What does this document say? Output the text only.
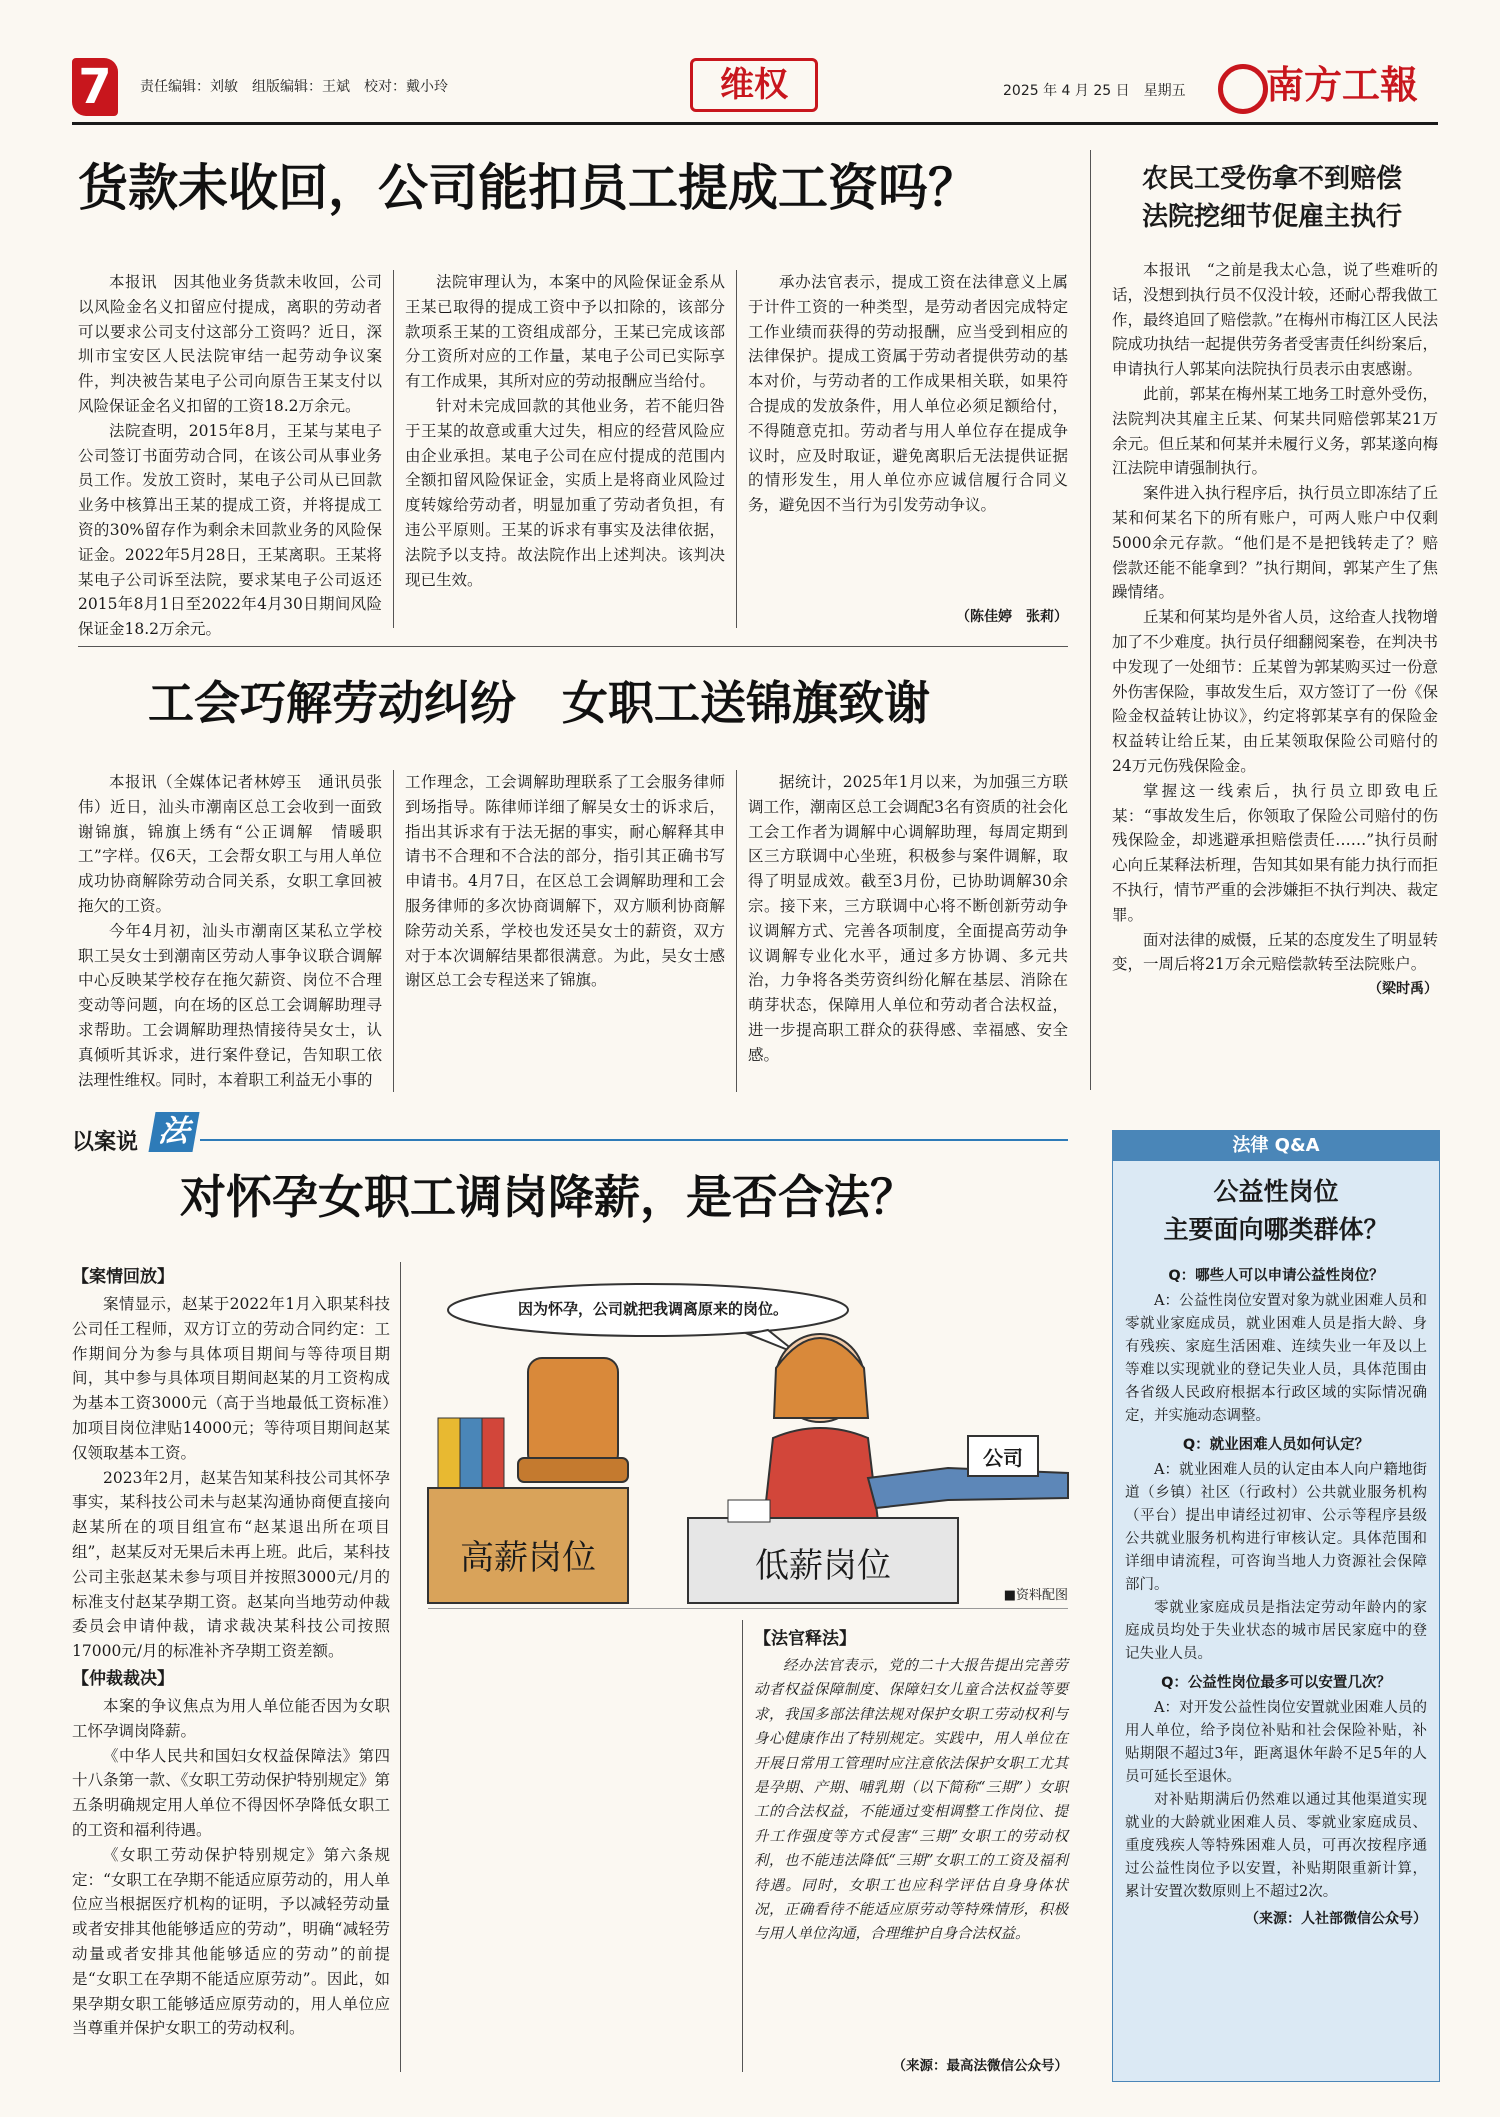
7	责任编辑：刘敏　组版编辑：王斌　校对：戴小玲	维权	2025 年 4 月 25 日　星期五 南方工報
货款未收回，公司能扣员工提成工资吗？

本报讯　因其他业务货款未收回，公司以风险金名义扣留应付提成，离职的劳动者可以要求公司支付这部分工资吗？近日，深圳市宝安区人民法院审结一起劳动争议案件，判决被告某电子公司向原告王某支付以风险保证金名义扣留的工资18.2万余元。

法院查明，2015年8月，王某与某电子公司签订书面劳动合同，在该公司从事业务员工作。发放工资时，某电子公司从已回款业务中核算出王某的提成工资，并将提成工资的30%留存作为剩余未回款业务的风险保证金。2022年5月28日，王某离职。王某将某电子公司诉至法院，要求某电子公司返还2015年8月1日至2022年4月30日期间风险保证金18.2万余元。

法院审理认为，本案中的风险保证金系从王某已取得的提成工资中予以扣除的，该部分款项系王某的工资组成部分，王某已完成该部分工资所对应的工作量，某电子公司已实际享有工作成果，其所对应的劳动报酬应当给付。

针对未完成回款的其他业务，若不能归咎于王某的故意或重大过失，相应的经营风险应由企业承担。某电子公司在应付提成的范围内全额扣留风险保证金，实质上是将商业风险过度转嫁给劳动者，明显加重了劳动者负担，有违公平原则。王某的诉求有事实及法律依据，法院予以支持。故法院作出上述判决。该判决现已生效。

承办法官表示，提成工资在法律意义上属于计件工资的一种类型，是劳动者因完成特定工作业绩而获得的劳动报酬，应当受到相应的法律保护。提成工资属于劳动者提供劳动的基本对价，与劳动者的工作成果相关联，如果符合提成的发放条件，用人单位必须足额给付，不得随意克扣。劳动者与用人单位存在提成争议时，应及时取证，避免离职后无法提供证据的情形发生，用人单位亦应诚信履行合同义务，避免因不当行为引发劳动争议。

（陈佳婷　张莉）
工会巧解劳动纠纷　女职工送锦旗致谢

本报讯（全媒体记者林婷玉　通讯员张伟）近日，汕头市潮南区总工会收到一面致谢锦旗，锦旗上绣有“公正调解　情暖职工”字样。仅6天，工会帮女职工与用人单位成功协商解除劳动合同关系，女职工拿回被拖欠的工资。

今年4月初，汕头市潮南区某私立学校职工吴女士到潮南区劳动人事争议联合调解中心反映某学校存在拖欠薪资、岗位不合理变动等问题，向在场的区总工会调解助理寻求帮助。工会调解助理热情接待吴女士，认真倾听其诉求，进行案件登记，告知职工依法理性维权。同时，本着职工利益无小事的

据统计，2025年1月以来，为加强三方联调工作，潮南区总工会调配3名有资质的社会化工会工作者为调解中心调解助理，每周定期到区三方联调中心坐班，积极参与案件调解，取得了明显成效。截至3月份，已协助调解30余宗。接下来，三方联调中心将不断创新劳动争议调解方式、完善各项制度，全面提高劳动争议调解专业化水平，通过多方协调、多元共治，力争将各类劳资纠纷化解在基层、消除在萌芽状态，保障用人单位和劳动者合法权益，进一步提高职工群众的获得感、幸福感、安全感。

工作理念，工会调解助理联系了工会服务律师到场指导。陈律师详细了解吴女士的诉求后，指出其诉求有于法无据的事实，耐心解释其申请书不合理和不合法的部分，指引其正确书写申请书。4月7日，在区总工会调解助理和工会服务律师的多次协商调解下，双方顺利协商解除劳动关系，学校也发还吴女士的薪资，双方对于本次调解结果都很满意。为此，吴女士感谢区总工会专程送来了锦旗。
农民工受伤拿不到赔偿
法院挖细节促雇主执行

本报讯　“之前是我太心急，说了些难听的话，没想到执行员不仅没计较，还耐心帮我做工作，最终追回了赔偿款。”在梅州市梅江区人民法院成功执结一起提供劳务者受害责任纠纷案后，申请执行人郭某向法院执行员表示由衷感谢。

此前，郭某在梅州某工地务工时意外受伤，法院判决其雇主丘某、何某共同赔偿郭某21万余元。但丘某和何某并未履行义务，郭某遂向梅江法院申请强制执行。

案件进入执行程序后，执行员立即冻结了丘某和何某名下的所有账户，可两人账户中仅剩5000余元存款。“他们是不是把钱转走了？赔偿款还能不能拿到？”执行期间，郭某产生了焦躁情绪。

丘某和何某均是外省人员，这给查人找物增加了不少难度。执行员仔细翻阅案卷，在判决书中发现了一处细节：丘某曾为郭某购买过一份意外伤害保险，事故发生后，双方签订了一份《保险金权益转让协议》，约定将郭某享有的保险金权益转让给丘某，由丘某领取保险公司赔付的24万元伤残保险金。

掌握这一线索后，执行员立即致电丘某：“事故发生后，你领取了保险公司赔付的伤残保险金，却逃避承担赔偿责任……”执行员耐心向丘某释法析理，告知其如果有能力执行而拒不执行，情节严重的会涉嫌拒不执行判决、裁定罪。

面对法律的威慑，丘某的态度发生了明显转变，一周后将21万余元赔偿款转至法院账户。

（梁时禹）
以案说 法
对怀孕女职工调岗降薪，是否合法？
【案情回放】

案情显示，赵某于2022年1月入职某科技公司任工程师，双方订立的劳动合同约定：工作期间分为参与具体项目期间与等待项目期间，其中参与具体项目期间赵某的月工资构成为基本工资3000元（高于当地最低工资标准）加项目岗位津贴14000元；等待项目期间赵某仅领取基本工资。

2023年2月，赵某告知某科技公司其怀孕事实，某科技公司未与赵某沟通协商便直接向赵某所在的项目组宣布“赵某退出所在项目组”，赵某反对无果后未再上班。此后，某科技公司主张赵某未参与项目并按照3000元/月的标准支付赵某孕期工资。赵某向当地劳动仲裁委员会申请仲裁，请求裁决某科技公司按照17000元/月的标准补齐孕期工资差额。

【仲裁裁决】

本案的争议焦点为用人单位能否因为女职工怀孕调岗降薪。

《中华人民共和国妇女权益保障法》第四十八条第一款、《女职工劳动保护特别规定》第五条明确规定用人单位不得因怀孕降低女职工的工资和福利待遇。

《女职工劳动保护特别规定》第六条规定：“女职工在孕期不能适应原劳动的，用人单位应当根据医疗机构的证明，予以减轻劳动量或者安排其他能够适应的劳动”，明确“减轻劳动量或者安排其他能够适应的劳动”的前提是“女职工在孕期不能适应原劳动”。因此，如果孕期女职工能够适应原劳动的，用人单位应当尊重并保护女职工的劳动权利。

因为怀孕，公司就把我调离原来的岗位。
高薪岗位	低薪岗位
公司
■资料配图
【法官释法】

经办法官表示，党的二十大报告提出完善劳动者权益保障制度、保障妇女儿童合法权益等要求，我国多部法律法规对保护女职工劳动权利与身心健康作出了特别规定。实践中，用人单位在开展日常用工管理时应注意依法保护女职工尤其是孕期、产期、哺乳期（以下简称“三期”）女职工的合法权益，不能通过变相调整工作岗位、提升工作强度等方式侵害“三期”女职工的劳动权利，也不能违法降低“三期”女职工的工资及福利待遇。同时，女职工也应科学评估自身身体状况，正确看待不能适应原劳动等特殊情形，积极与用人单位沟通，合理维护自身合法权益。

（来源：最高法微信公众号）
法律 Q&A
公益性岗位
主要面向哪类群体？
Q：哪些人可以申请公益性岗位？

A：公益性岗位安置对象为就业困难人员和零就业家庭成员，就业困难人员是指大龄、身有残疾、家庭生活困难、连续失业一年及以上等难以实现就业的登记失业人员，具体范围由各省级人民政府根据本行政区域的实际情况确定，并实施动态调整。

Q：就业困难人员如何认定？

A：就业困难人员的认定由本人向户籍地街道（乡镇）社区（行政村）公共就业服务机构（平台）提出申请经过初审、公示等程序县级公共就业服务机构进行审核认定。具体范围和详细申请流程，可咨询当地人力资源社会保障部门。

零就业家庭成员是指法定劳动年龄内的家庭成员均处于失业状态的城市居民家庭中的登记失业人员。

Q：公益性岗位最多可以安置几次？

A：对开发公益性岗位安置就业困难人员的用人单位，给予岗位补贴和社会保险补贴，补贴期限不超过3年，距离退休年龄不足5年的人员可延长至退休。

对补贴期满后仍然难以通过其他渠道实现就业的大龄就业困难人员、零就业家庭成员、重度残疾人等特殊困难人员，可再次按程序通过公益性岗位予以安置，补贴期限重新计算，累计安置次数原则上不超过2次。

（来源：人社部微信公众号）
